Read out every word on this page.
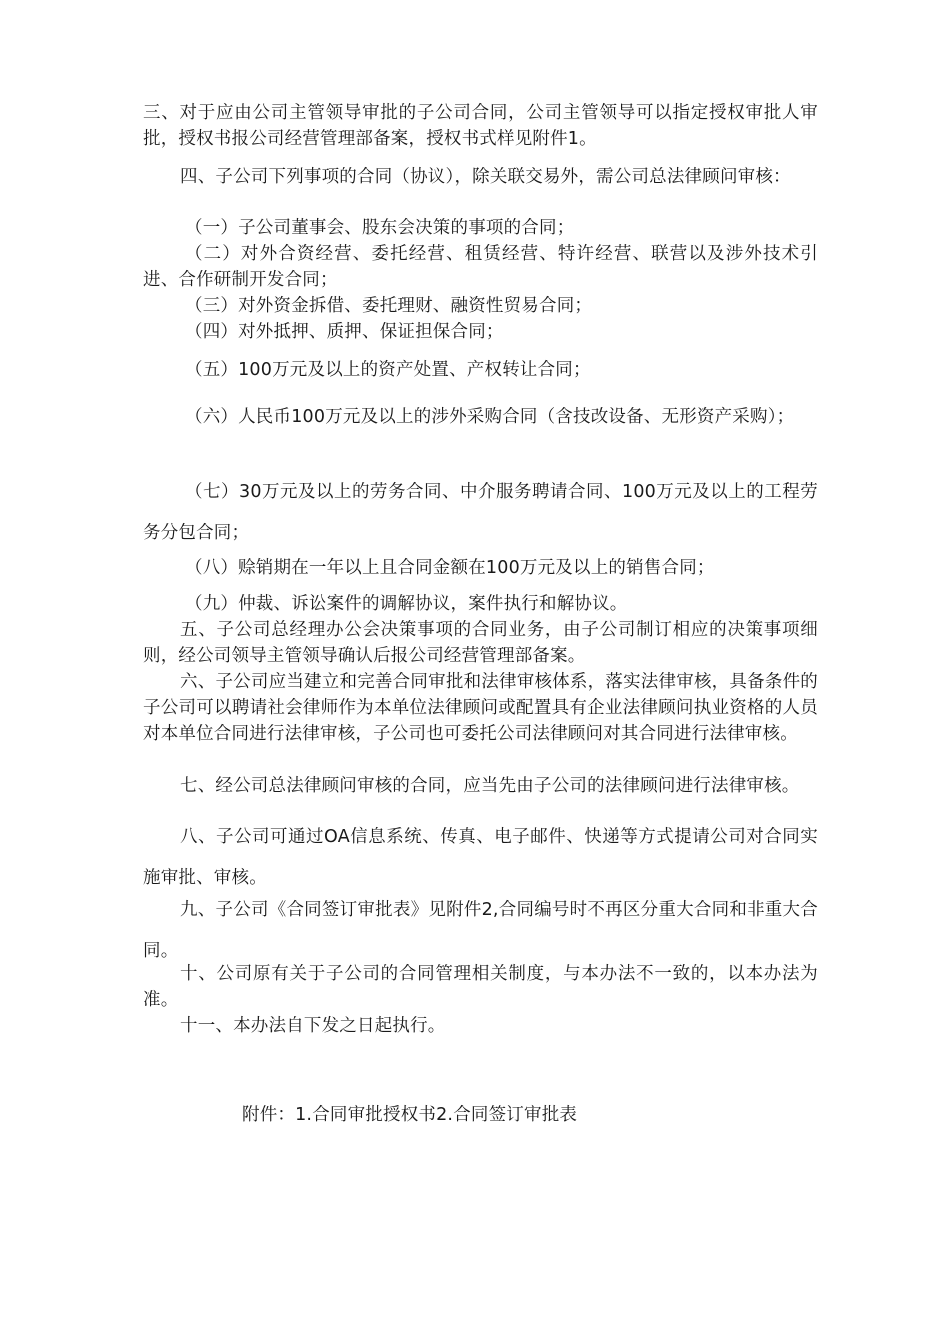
三、对于应由公司主管领导审批的子公司合同，公司主管领导可以指定授权审批人审批，授权书报公司经营管理部备案，授权书式样见附件1。

四、子公司下列事项的合同（协议），除关联交易外，需公司总法律顾问审核：

（一）子公司董事会、股东会决策的事项的合同；

（二）对外合资经营、委托经营、租赁经营、特许经营、联营以及涉外技术引进、合作研制开发合同；

（三）对外资金拆借、委托理财、融资性贸易合同；

（四）对外抵押、质押、保证担保合同；

（五）100万元及以上的资产处置、产权转让合同；

（六）人民币100万元及以上的涉外采购合同（含技改设备、无形资产采购）；

（七）30万元及以上的劳务合同、中介服务聘请合同、100万元及以上的工程劳务分包合同；

（八）赊销期在一年以上且合同金额在100万元及以上的销售合同；

（九）仲裁、诉讼案件的调解协议，案件执行和解协议。

五、子公司总经理办公会决策事项的合同业务，由子公司制订相应的决策事项细则，经公司领导主管领导确认后报公司经营管理部备案。

六、子公司应当建立和完善合同审批和法律审核体系，落实法律审核，具备条件的子公司可以聘请社会律师作为本单位法律顾问或配置具有企业法律顾问执业资格的人员对本单位合同进行法律审核，子公司也可委托公司法律顾问对其合同进行法律审核。

七、经公司总法律顾问审核的合同，应当先由子公司的法律顾问进行法律审核。

八、子公司可通过OA信息系统、传真、电子邮件、快递等方式提请公司对合同实施审批、审核。

九、子公司《合同签订审批表》见附件2,合同编号时不再区分重大合同和非重大合同。

十、公司原有关于子公司的合同管理相关制度，与本办法不一致的，以本办法为准。

十一、本办法自下发之日起执行。

附件：1.合同审批授权书2.合同签订审批表
